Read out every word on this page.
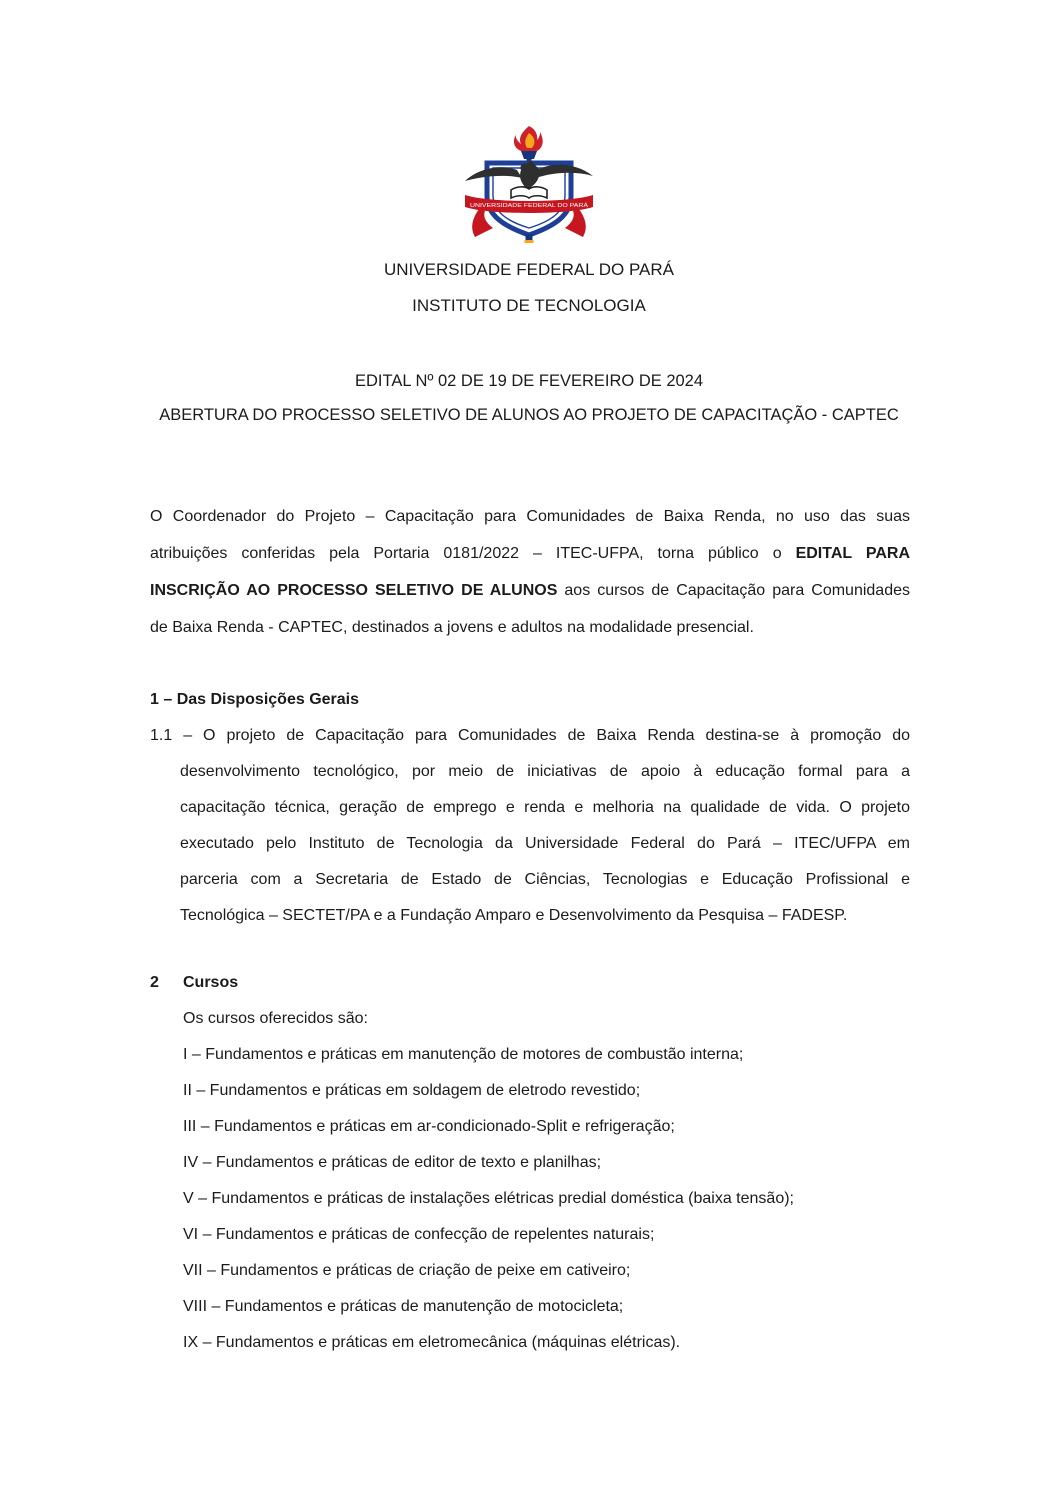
UNIVERSIDADE FEDERAL DO PARÁ
UNIVERSIDADE FEDERAL DO PARÁ
INSTITUTO DE TECNOLOGIA
EDITAL Nº 02 DE 19 DE FEVEREIRO DE 2024
ABERTURA DO PROCESSO SELETIVO DE ALUNOS AO PROJETO DE CAPACITAÇÃO - CAPTEC
O Coordenador do Projeto – Capacitação para Comunidades de Baixa Renda, no uso das suas
atribuições conferidas pela Portaria 0181/2022 – ITEC-UFPA, torna público o EDITAL PARA
INSCRIÇÃO AO PROCESSO SELETIVO DE ALUNOS aos cursos de Capacitação para Comunidades
de Baixa Renda - CAPTEC, destinados a jovens e adultos na modalidade presencial.
1 – Das Disposições Gerais
1.1 – O projeto de Capacitação para Comunidades de Baixa Renda destina-se à promoção do
desenvolvimento tecnológico, por meio de iniciativas de apoio à educação formal para a
capacitação técnica, geração de emprego e renda e melhoria na qualidade de vida. O projeto
executado pelo Instituto de Tecnologia da Universidade Federal do Pará – ITEC/UFPA em
parceria com a Secretaria de Estado de Ciências, Tecnologias e Educação Profissional e
Tecnológica – SECTET/PA e a Fundação Amparo e Desenvolvimento da Pesquisa – FADESP.
2 Cursos
Os cursos oferecidos são:
I – Fundamentos e práticas em manutenção de motores de combustão interna;
II – Fundamentos e práticas em soldagem de eletrodo revestido;
III – Fundamentos e práticas em ar-condicionado-Split e refrigeração;
IV – Fundamentos e práticas de editor de texto e planilhas;
V – Fundamentos e práticas de instalações elétricas predial doméstica (baixa tensão);
VI – Fundamentos e práticas de confecção de repelentes naturais;
VII – Fundamentos e práticas de criação de peixe em cativeiro;
VIII – Fundamentos e práticas de manutenção de motocicleta;
IX – Fundamentos e práticas em eletromecânica (máquinas elétricas).
